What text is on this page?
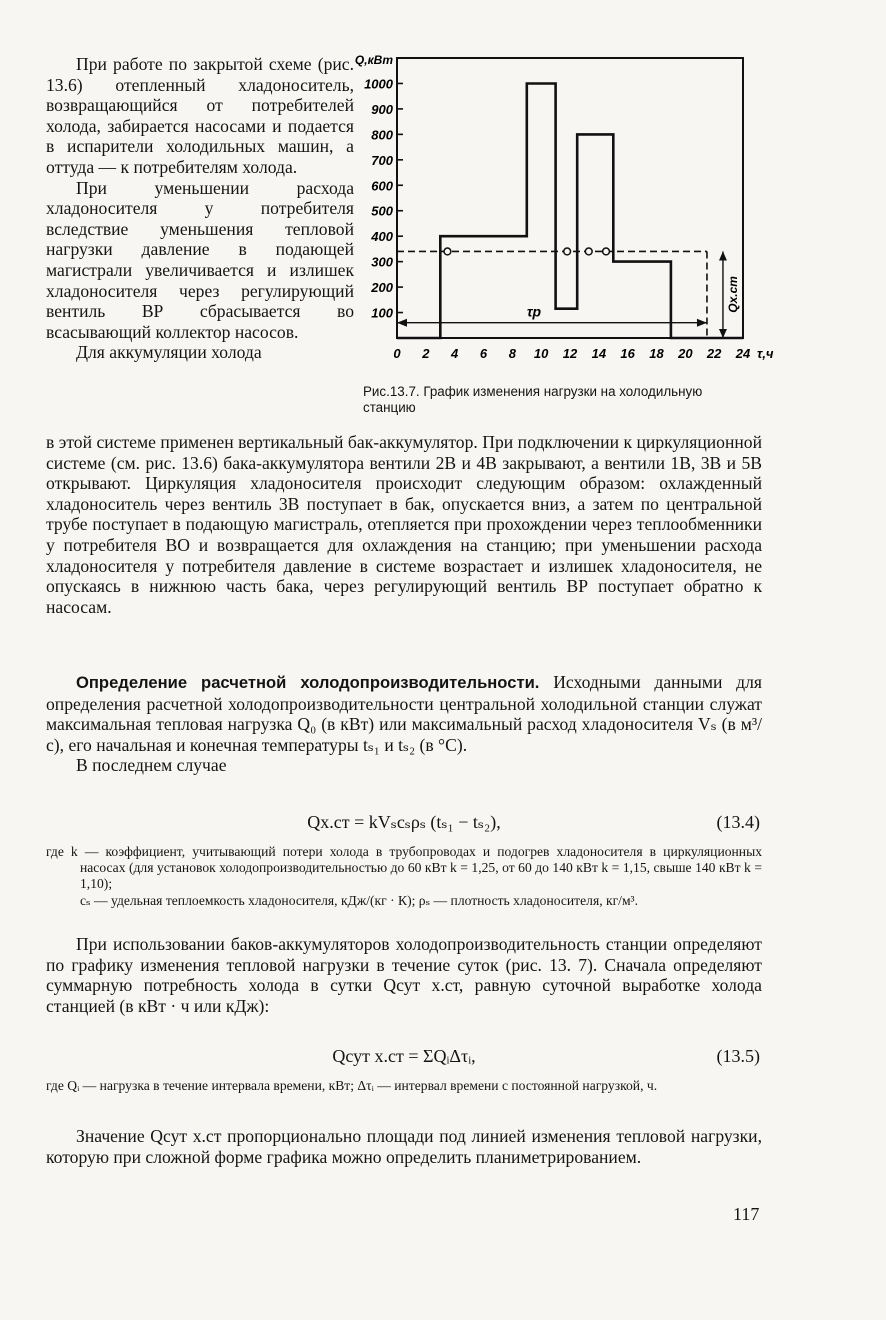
При работе по закрытой схеме (рис. 13.6) отепленный хладоноситель, возвращающийся от потребителей холода, забирается насосами и подается в испарители холодильных машин, а оттуда — к потребителям холода.

При уменьшении расхода хладоносителя у потребителя вследствие уменьшения тепловой нагрузки давление в подающей магистрали увеличивается и излишек хладоносителя через регулирующий вентиль ВР сбрасывается во всасывающий коллектор насосов.

Для аккумуляции холода

100
200
300
400
500
600
700
800
900
1000
0 2 4 6 8 10 12 14 16 18 20 22 24
Q,кВт
τ,ч
Qх.ст
τр
Рис.13.7. График изменения нагрузки на холодильную станцию

в этой системе применен вертикальный бак-аккумулятор. При подключении к циркуляционной системе (см. рис. 13.6) бака-аккумулятора вентили 2В и 4В закрывают, а вентили 1В, 3В и 5В открывают. Циркуляция хладоносителя происходит следующим образом: охлажденный хладоноситель через вентиль 3В поступает в бак, опускается вниз, а затем по центральной трубе поступает в подающую магистраль, отепляется при прохождении через теплообменники у потребителя ВО и возвращается для охлаждения на станцию; при уменьшении расхода хладоносителя у потребителя давление в системе возрастает и излишек хладоносителя, не опускаясь в нижнюю часть бака, через регулирующий вентиль ВР поступает обратно к насосам.

Определение расчетной холодопроизводительности. Исходными данными для определения расчетной холодопроизводительности центральной холодильной станции служат максимальная тепловая нагрузка Q₀ (в кВт) или максимальный расход хладоносителя Vₛ (в м³/с), его начальная и конечная температуры tₛ₁ и tₛ₂ (в °С).

В последнем случае

Qх.ст = kVₛcₛρₛ (tₛ₁ − tₛ₂),	(13.4)

где k — коэффициент, учитывающий потери холода в трубопроводах и подогрев хладоносителя в циркуляционных насосах (для установок холодопроизводительностью до 60 кВт k = 1,25, от 60 до 140 кВт k = 1,15, свыше 140 кВт k = 1,10);

cₛ — удельная теплоемкость хладоносителя, кДж/(кг · К); ρₛ — плотность хладоносителя, кг/м³.

При использовании баков-аккумуляторов холодопроизводительность станции определяют по графику изменения тепловой нагрузки в течение суток (рис. 13. 7). Сначала определяют суммарную потребность холода в сутки Qсут х.ст, равную суточной выработке холода станцией (в кВт · ч или кДж):

Qсут х.ст = ΣQᵢΔτᵢ,	(13.5)

где Qᵢ — нагрузка в течение интервала времени, кВт; Δτᵢ — интервал времени с постоянной нагрузкой, ч.

Значение Qсут х.ст пропорционально площади под линией изменения тепловой нагрузки, которую при сложной форме графика можно определить планиметрированием.

117
